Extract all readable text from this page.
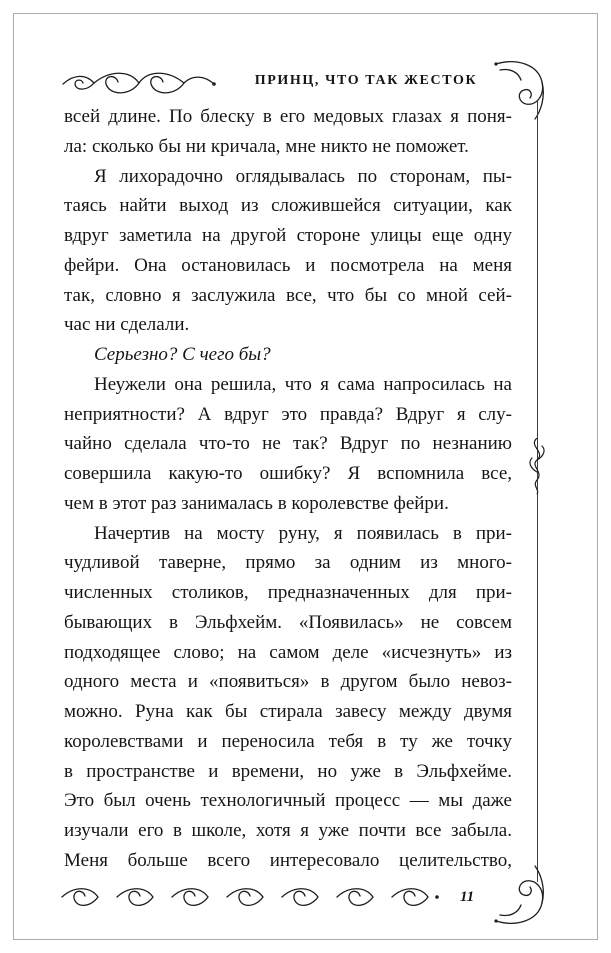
ПРИНЦ, ЧТО ТАК ЖЕСТОК
всей длине. По блеску в его медовых глазах я поня-
ла: сколько бы ни кричала, мне никто не поможет.
Я лихорадочно оглядывалась по сторонам, пы-
таясь найти выход из сложившейся ситуации, как
вдруг заметила на другой стороне улицы еще одну
фейри. Она остановилась и посмотрела на меня
так, словно я заслужила все, что бы со мной сей-
час ни сделали.
Серьезно? С чего бы?
Неужели она решила, что я сама напросилась на
неприятности? А вдруг это правда? Вдруг я слу-
чайно сделала что-то не так? Вдруг по незнанию
совершила какую-то ошибку? Я вспомнила все,
чем в этот раз занималась в королевстве фейри.
Начертив на мосту руну, я появилась в при-
чудливой таверне, прямо за одним из много-
численных столиков, предназначенных для при-
бывающих в Эльфхейм. «Появилась» не совсем
подходящее слово; на самом деле «исчезнуть» из
одного места и «появиться» в другом было невоз-
можно. Руна как бы стирала завесу между двумя
королевствами и переносила тебя в ту же точку
в пространстве и времени, но уже в Эльфхейме.
Это был очень технологичный процесс — мы даже
изучали его в школе, хотя я уже почти все забыла.
Меня больше всего интересовало целительство,
11
